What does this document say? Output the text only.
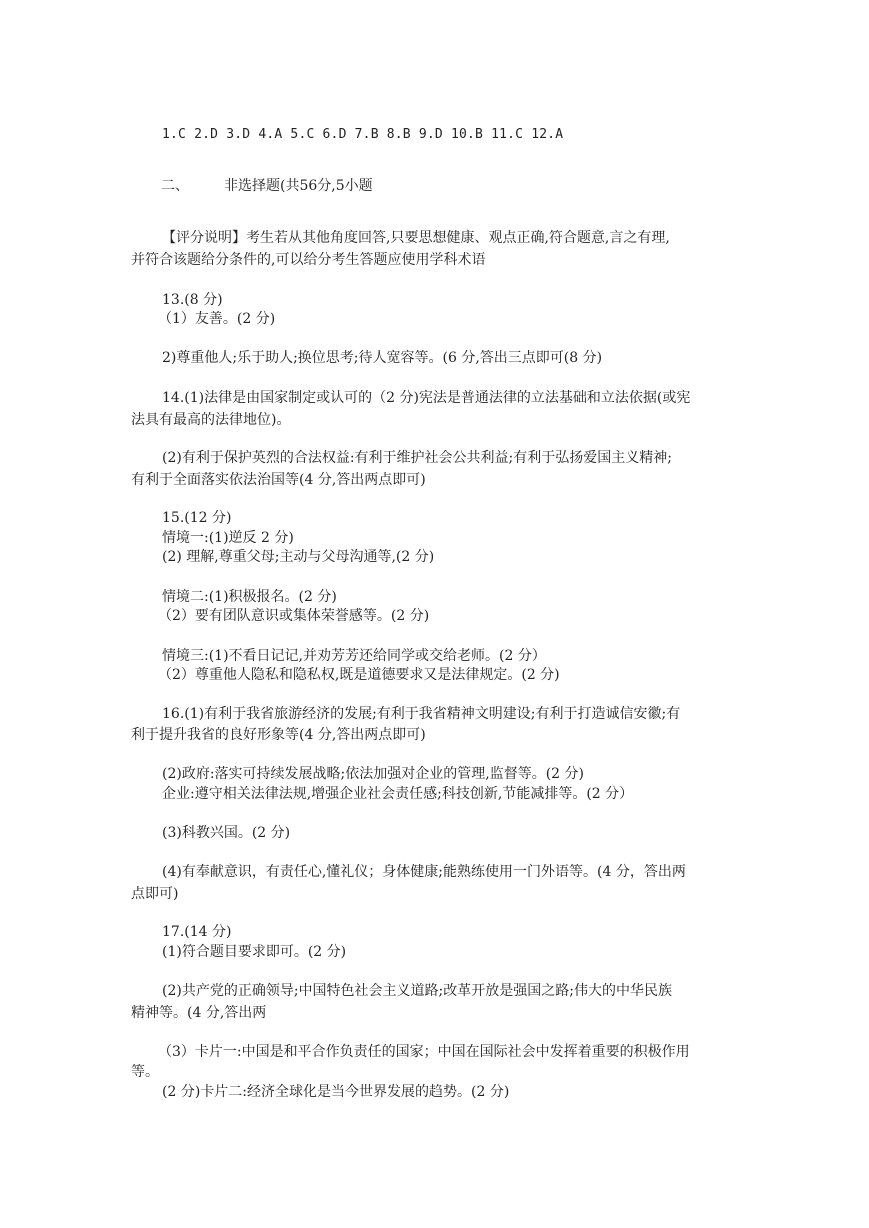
1.C 2.D 3.D 4.A 5.C 6.D 7.B 8.B 9.D 10.B 11.C 12.A
二、	非选择题(共56分,5小题
【评分说明】考生若从其他角度回答,只要思想健康、观点正确,符合题意,言之有理,
并符合该题给分条件的,可以给分考生答题应使用学科术语
13.(8 分)
（1）友善。(2 分)
2)尊重他人;乐于助人;换位思考;待人宽容等。(6 分,答出三点即可(8 分)
14.(1)法律是由国家制定或认可的（2 分)宪法是普通法律的立法基础和立法依据(或宪
法具有最高的法律地位)。
(2)有利于保护英烈的合法权益:有利于维护社会公共利益;有利于弘扬爱国主义精神;
有利于全面落实依法治国等(4 分,答出两点即可)
15.(12 分)
情境一:(1)逆反 2 分)
(2) 理解,尊重父母;主动与父母沟通等,(2 分)
情境二:(1)积极报名。(2 分)
（2）要有团队意识或集体荣誉感等。(2 分)
情境三:(1)不看日记记,并劝芳芳还给同学或交给老师。(2 分）
（2）尊重他人隐私和隐私权,既是道德要求又是法律规定。(2 分)
16.(1)有利于我省旅游经济的发展;有利于我省精神文明建设;有利于打造诚信安徽;有
利于提升我省的良好形象等(4 分,答出两点即可)
(2)政府:落实可持续发展战略;依法加强对企业的管理,监督等。(2 分)
企业:遵守相关法律法规,增强企业社会责任感;科技创新,节能减排等。(2 分）
(3)科教兴国。(2 分)
(4)有奉献意识，有责任心,懂礼仪；身体健康;能熟练使用一门外语等。(4 分，答出两
点即可)
17.(14 分)
(1)符合题目要求即可。(2 分)
(2)共产党的正确领导;中国特色社会主义道路;改革开放是强国之路;伟大的中华民族
精神等。(4 分,答出两
（3）卡片一:中国是和平合作负责任的国家；中国在国际社会中发挥着重要的积极作用
等。
(2 分)卡片二:经济全球化是当今世界发展的趋势。(2 分)
